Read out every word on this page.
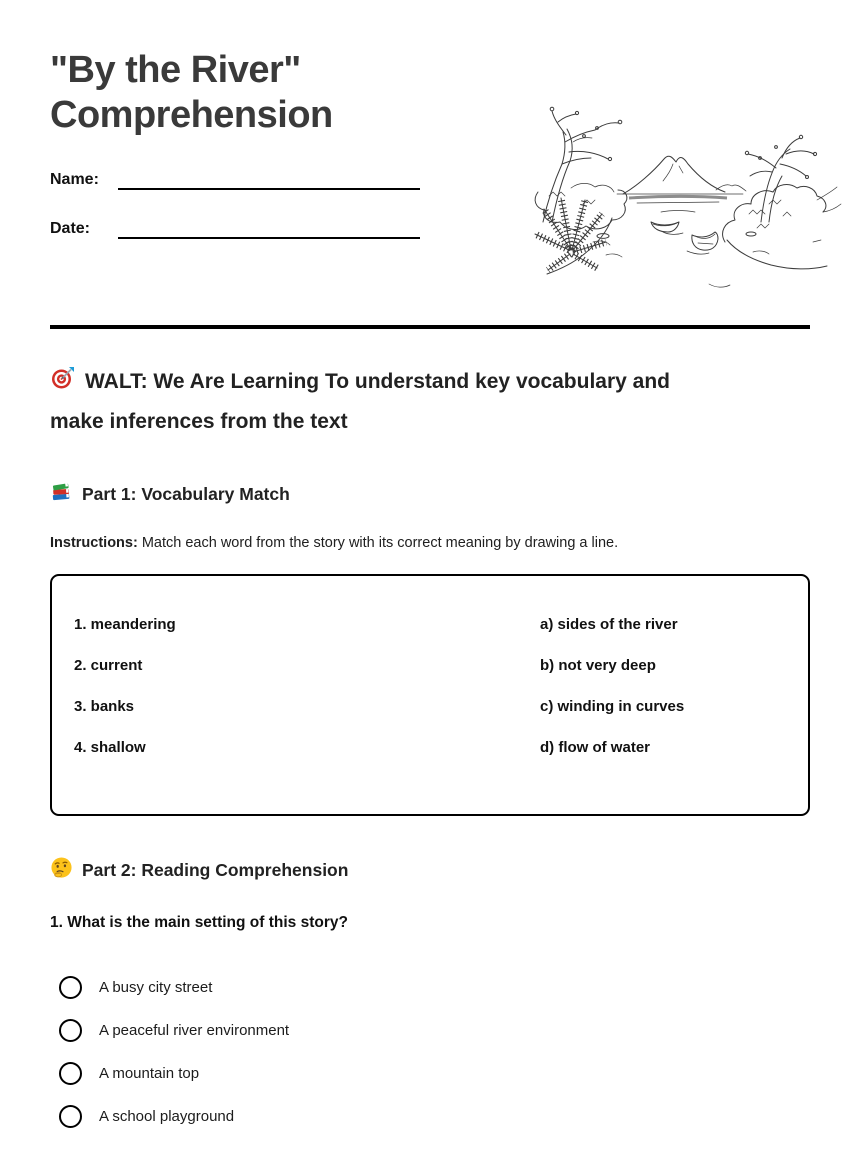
"By the River"
Comprehension
Name:
Date:
WALT: We Are Learning To understand key vocabulary and
make inferences from the text
Part 1: Vocabulary Match
Instructions: Match each word from the story with its correct meaning by drawing a line.
1. meandering
2. current
3. banks
4. shallow
a) sides of the river
b) not very deep
c) winding in curves
d) flow of water
Part 2: Reading Comprehension
1. What is the main setting of this story?
A busy city street
A peaceful river environment
A mountain top
A school playground
